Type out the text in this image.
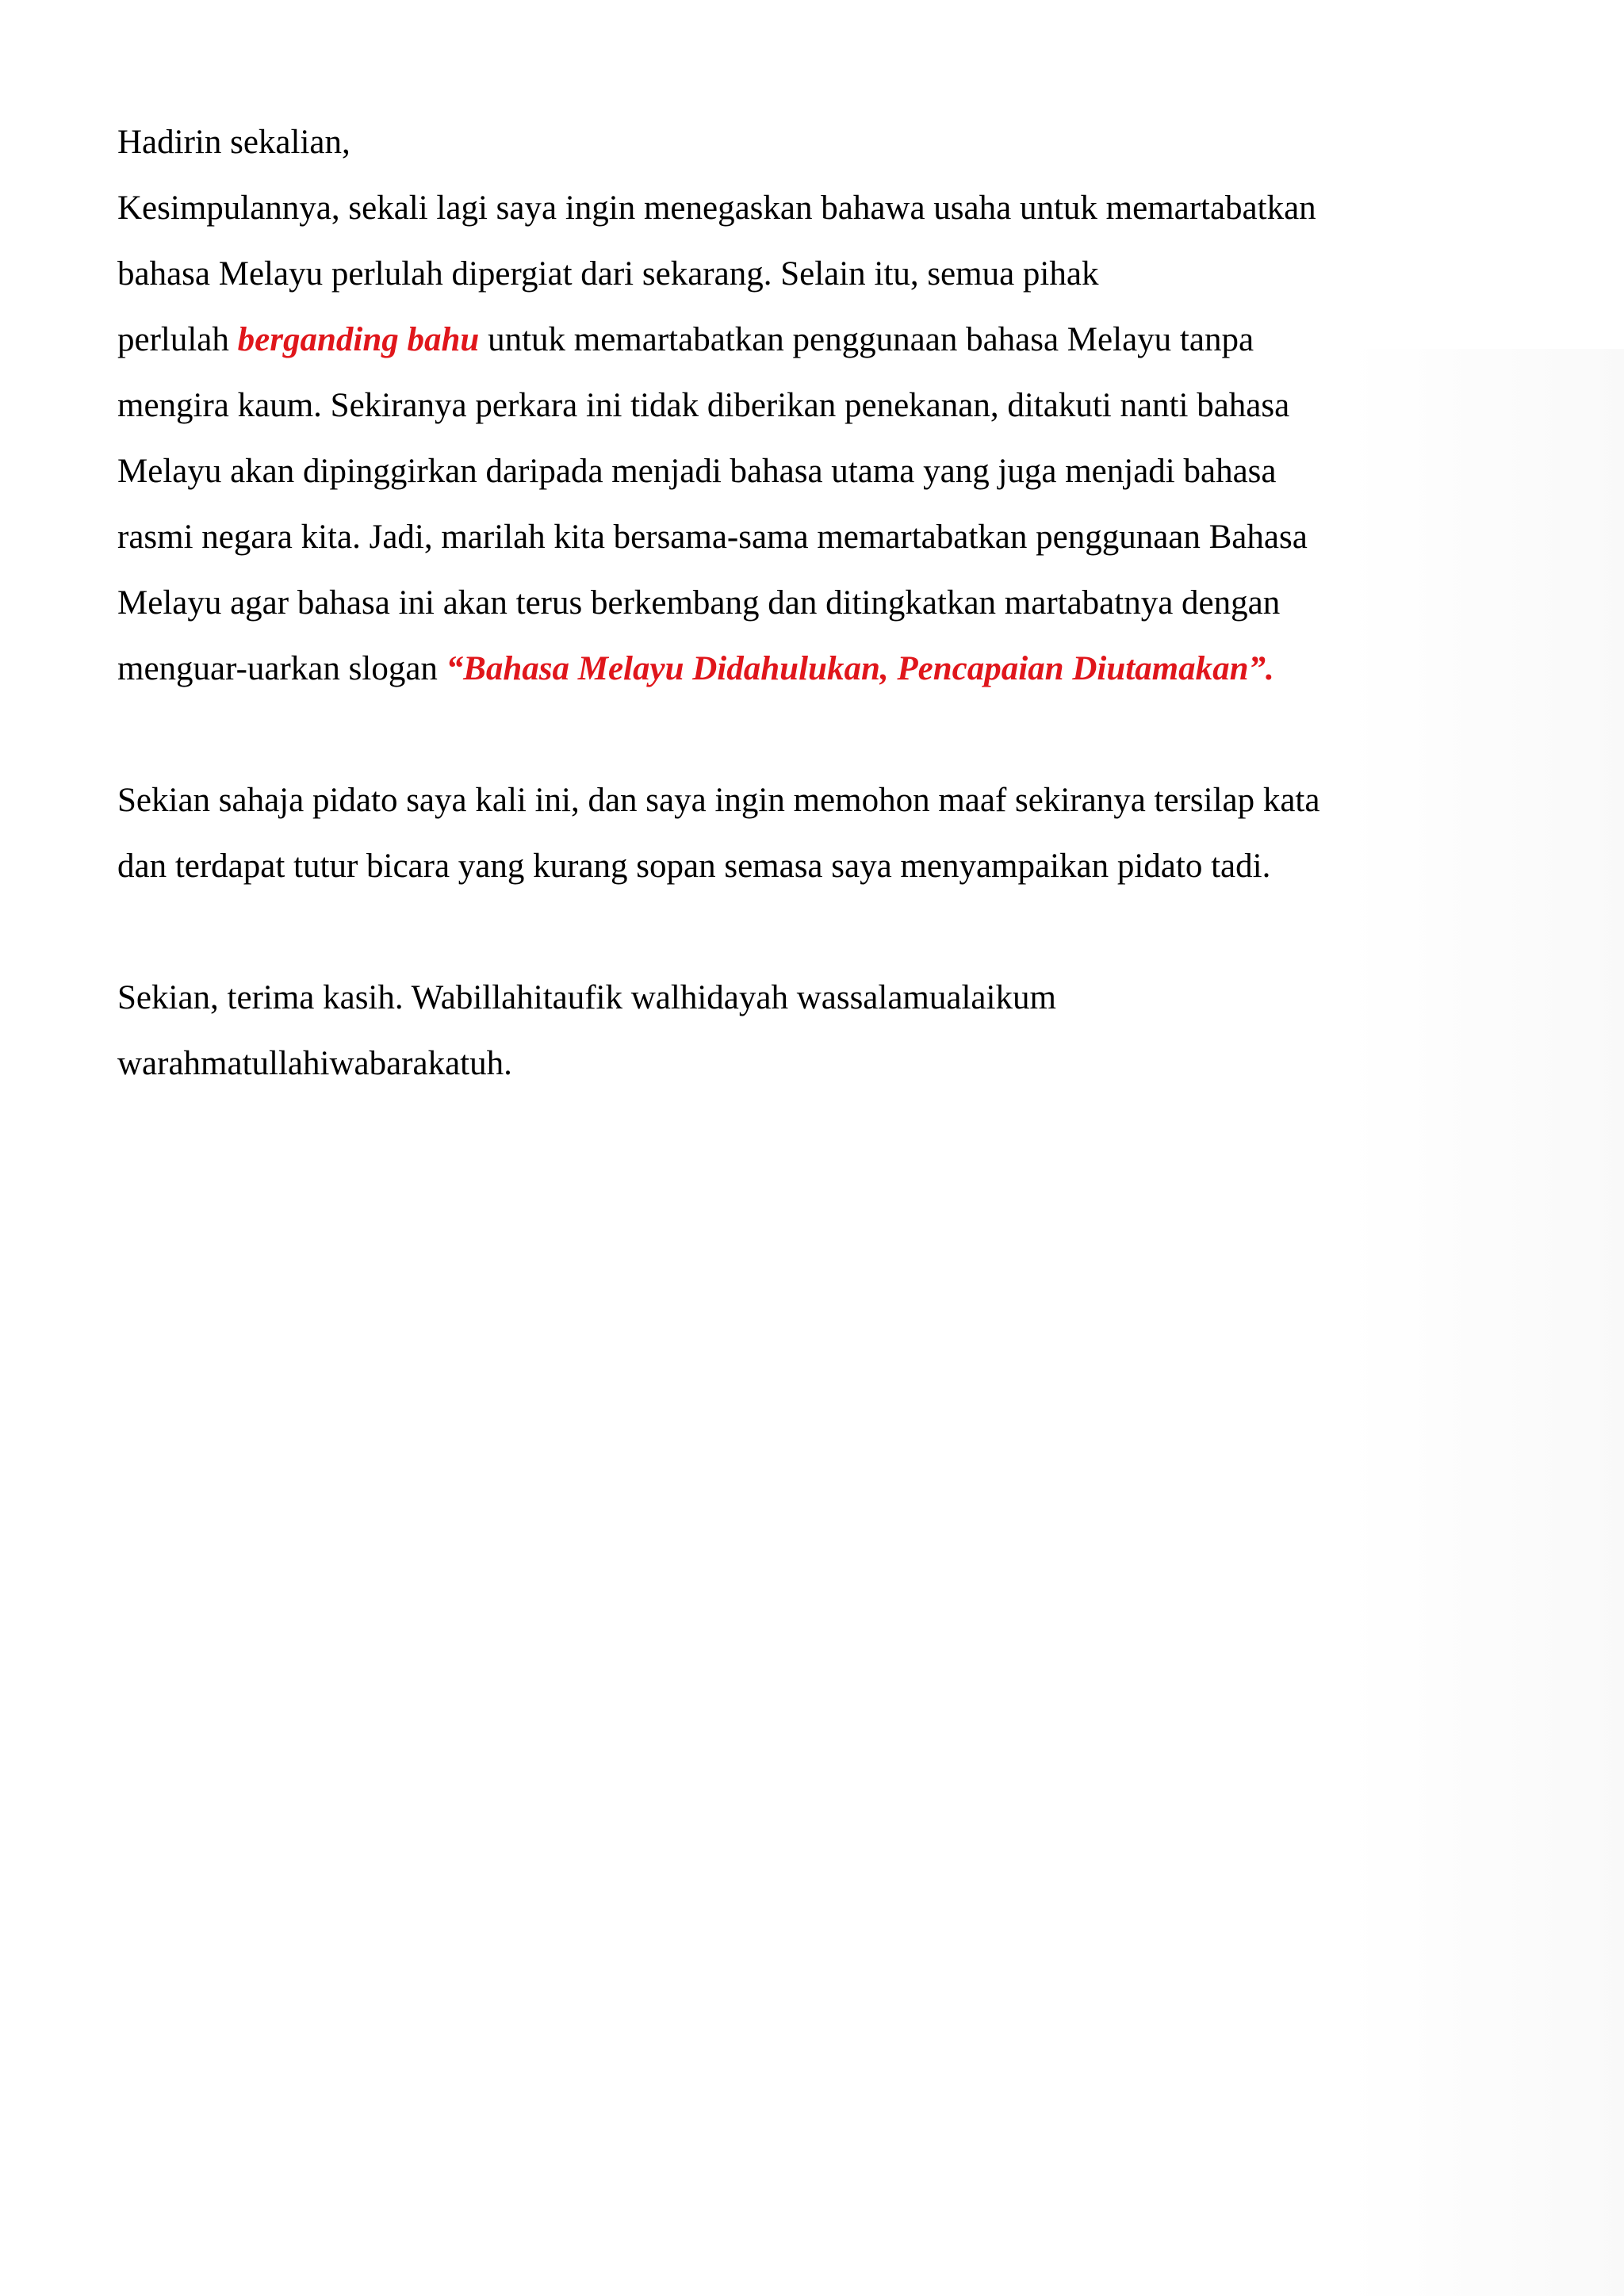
Hadirin sekalian,
Kesimpulannya, sekali lagi saya ingin menegaskan bahawa usaha untuk memartabatkan
bahasa Melayu perlulah dipergiat dari sekarang. Selain itu, semua pihak
perlulah berganding bahu untuk memartabatkan penggunaan bahasa Melayu tanpa
mengira kaum. Sekiranya perkara ini tidak diberikan penekanan, ditakuti nanti bahasa
Melayu akan dipinggirkan daripada menjadi bahasa utama yang juga menjadi bahasa
rasmi negara kita. Jadi, marilah kita bersama-sama memartabatkan penggunaan Bahasa
Melayu agar bahasa ini akan terus berkembang dan ditingkatkan martabatnya dengan
menguar-uarkan slogan “Bahasa Melayu Didahulukan, Pencapaian Diutamakan”.
Sekian sahaja pidato saya kali ini, dan saya ingin memohon maaf sekiranya tersilap kata
dan terdapat tutur bicara yang kurang sopan semasa saya menyampaikan pidato tadi.
Sekian, terima kasih. Wabillahitaufik walhidayah wassalamualaikum
warahmatullahiwabarakatuh.
